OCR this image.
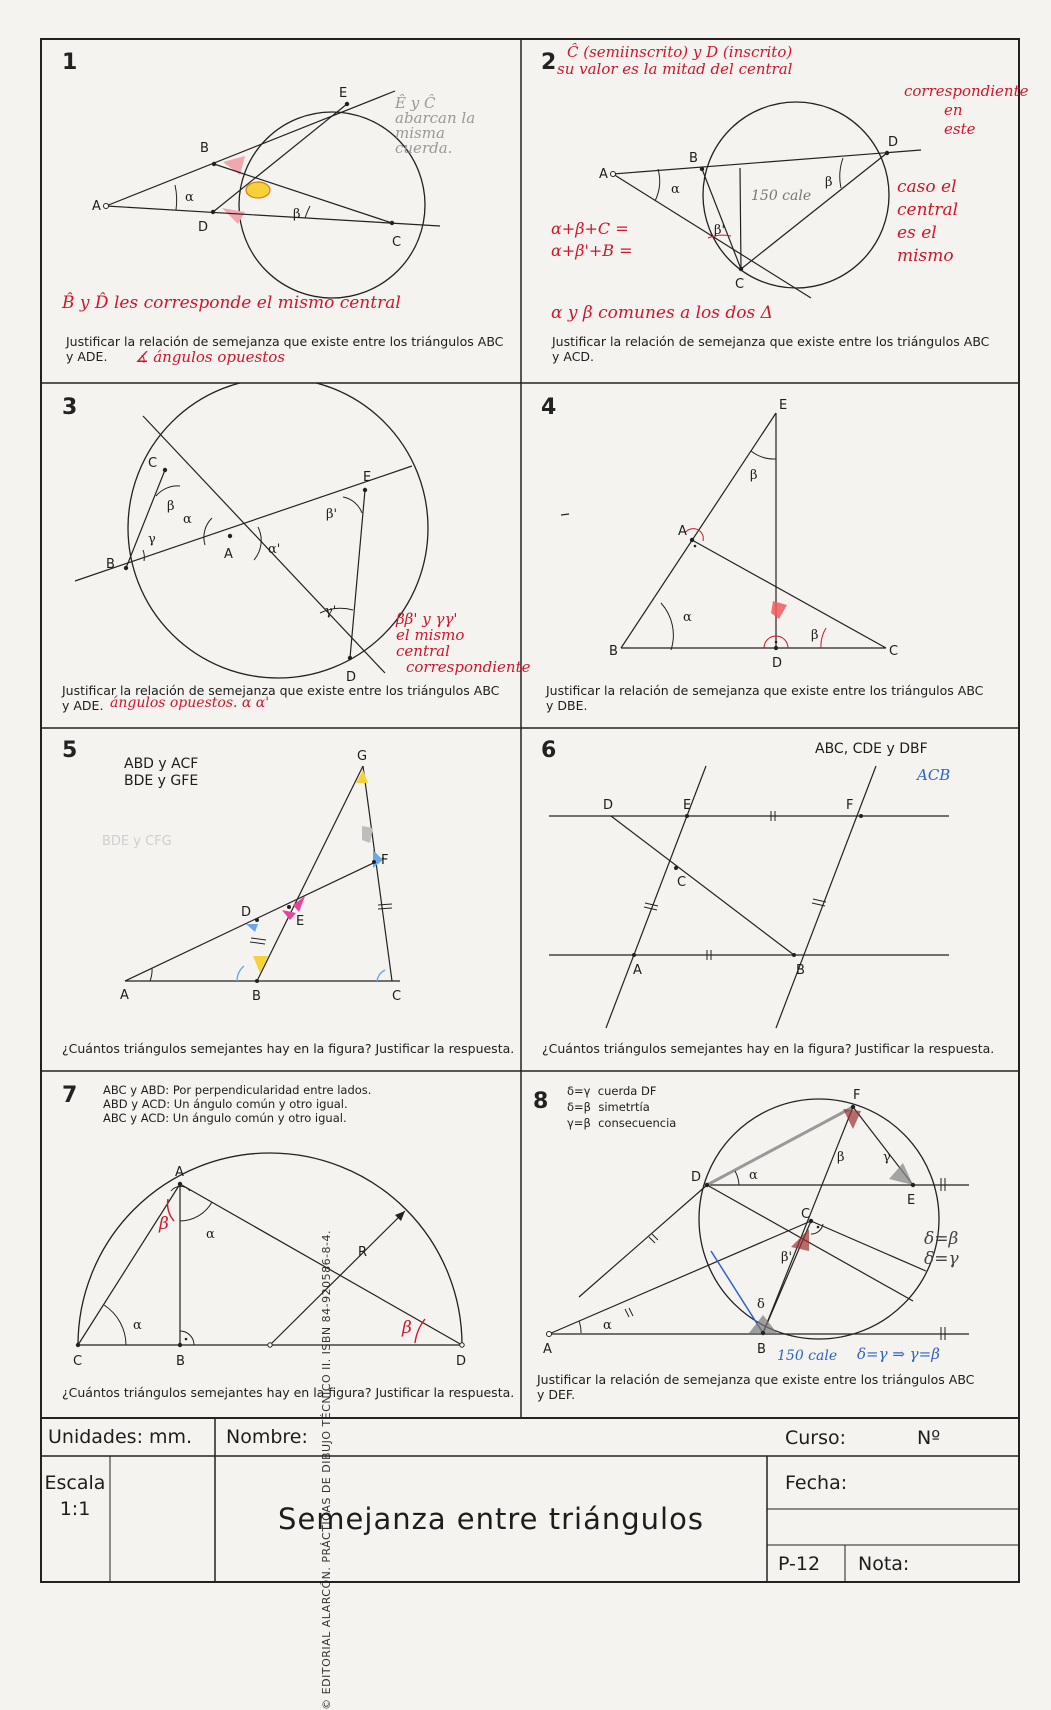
© EDITORIAL ALARCÓN. PRÁCTICAS DE DIBUJO TÉCNICO II. ISBN 84-920586-8-4.
1
A
B
C
D
E
α
β
Ê y Ĉ
abarcan la
misma
cuerda.
B̂ y D̂ les corresponde el mismo central
Justificar la relación de semejanza que existe entre los triángulos ABC
y ADE.	∡ ángulos opuestos
2
A
B
C
D
α	β
β'
Ĉ (semiinscrito) y D (inscrito)
su valor es la mitad del central
correspondiente
en
este
caso el
central
es el
mismo
α+β+C =
α+β'+B =
150 cale
α y β comunes a los dos Δ
Justificar la relación de semejanza que existe entre los triángulos ABC
y ACD.
3
C
B
A
E
D
β
α
γ
α'
β'
γ'	ββ' y γγ'
el mismo
central
correspondiente
Justificar la relación de semejanza que existe entre los triángulos ABC
y ADE. ángulos opuestos. α α'
4	E
A
B
D
C
β
α
β
Justificar la relación de semejanza que existe entre los triángulos ABC
y DBE.
5
ABD y ACF
BDE y GFE
BDE y CFG
A	B	C
D
E
F
G
¿Cuántos triángulos semejantes hay en la figura? Justificar la respuesta.
6	ABC, CDE y DBF
ACB
D	E	F
C
A	B
¿Cuántos triángulos semejantes hay en la figura? Justificar la respuesta.
7 ABC y ABD: Por perpendicularidad entre lados.
ABD y ACD: Un ángulo común y otro igual.
ABC y ACD: Un ángulo común y otro igual.
A
C	B	D
R
α
α
β
β
¿Cuántos triángulos semejantes hay en la figura? Justificar la respuesta.
8 δ=γ cuerda DF
δ=β simetrtía
γ=β consecuencia
D
F
E
C
A	B
α
α
β
β'
γ
δ
δ=β
δ=γ
150 cale δ=γ ⇒ γ=β
Justificar la relación de semejanza que existe entre los triángulos ABC
y DEF.
Unidades: mm.	Nombre:	Curso:	Nº
Escala
1:1	Semejanza entre triángulos
Fecha:
P-12 Nota:
